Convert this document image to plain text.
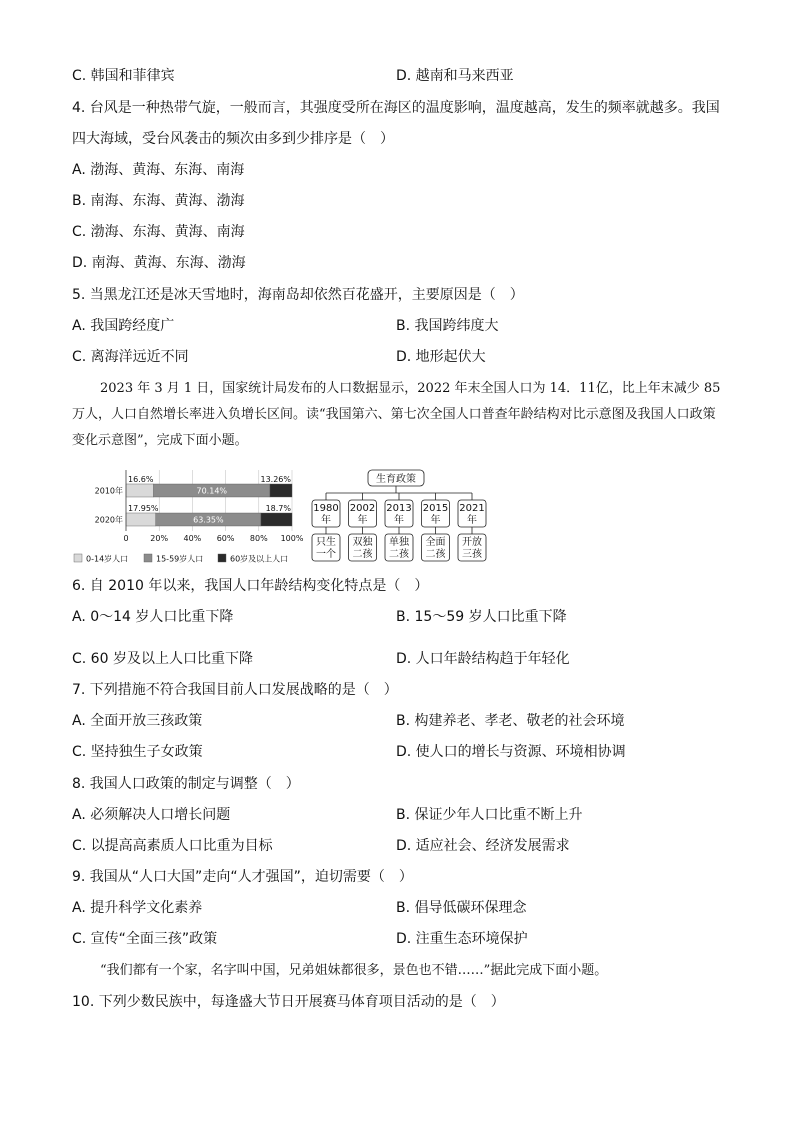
C. 韩国和菲律宾	D. 越南和马来西亚
4. 台风是一种热带气旋，一般而言，其强度受所在海区的温度影响，温度越高，发生的频率就越多。我国
四大海域，受台风袭击的频次由多到少排序是（　）
A. 渤海、黄海、东海、南海
B. 南海、东海、黄海、渤海
C. 渤海、东海、黄海、南海
D. 南海、黄海、东海、渤海
5. 当黑龙江还是冰天雪地时，海南岛却依然百花盛开，主要原因是（　）
A. 我国跨经度广	B. 我国跨纬度大
C. 离海洋远近不同	D. 地形起伏大
2023 年 3 月 1 日，国家统计局发布的人口数据显示，2022 年末全国人口为 14．11亿，比上年末减少 85 万人，人口自然增长率进入负增长区间。读“我国第六、第七次全国人口普查年龄结构对比示意图及我国人口政策变化示意图”，完成下面小题。
16.6%
70.14%
13.26%
17.95%
63.35%
18.7%
0	20% 40% 60% 80% 100%
2010年
2020年
0-14岁人口	15-59岁人口	60岁及以上人口
生育政策
1980
年
只生
一个
2002
年
双独
二孩
2013
年
单独
二孩
2015
年
全面
二孩
2021
年
开放
三孩
6. 自 2010 年以来，我国人口年龄结构变化特点是（　）
A. 0～14 岁人口比重下降	B. 15～59 岁人口比重下降
C. 60 岁及以上人口比重下降	D. 人口年龄结构趋于年轻化
7. 下列措施不符合我国目前人口发展战略的是（　）
A. 全面开放三孩政策	B. 构建养老、孝老、敬老的社会环境
C. 坚持独生子女政策	D. 使人口的增长与资源、环境相协调
8. 我国人口政策的制定与调整（　）
A. 必须解决人口增长问题	B. 保证少年人口比重不断上升
C. 以提高高素质人口比重为目标	D. 适应社会、经济发展需求
9. 我国从“人口大国”走向“人才强国”，迫切需要（　）
A. 提升科学文化素养	B. 倡导低碳环保理念
C. 宣传“全面三孩”政策	D. 注重生态环境保护
“我们都有一个家，名字叫中国，兄弟姐妹都很多，景色也不错……”据此完成下面小题。
10. 下列少数民族中，每逢盛大节日开展赛马体育项目活动的是（　）
